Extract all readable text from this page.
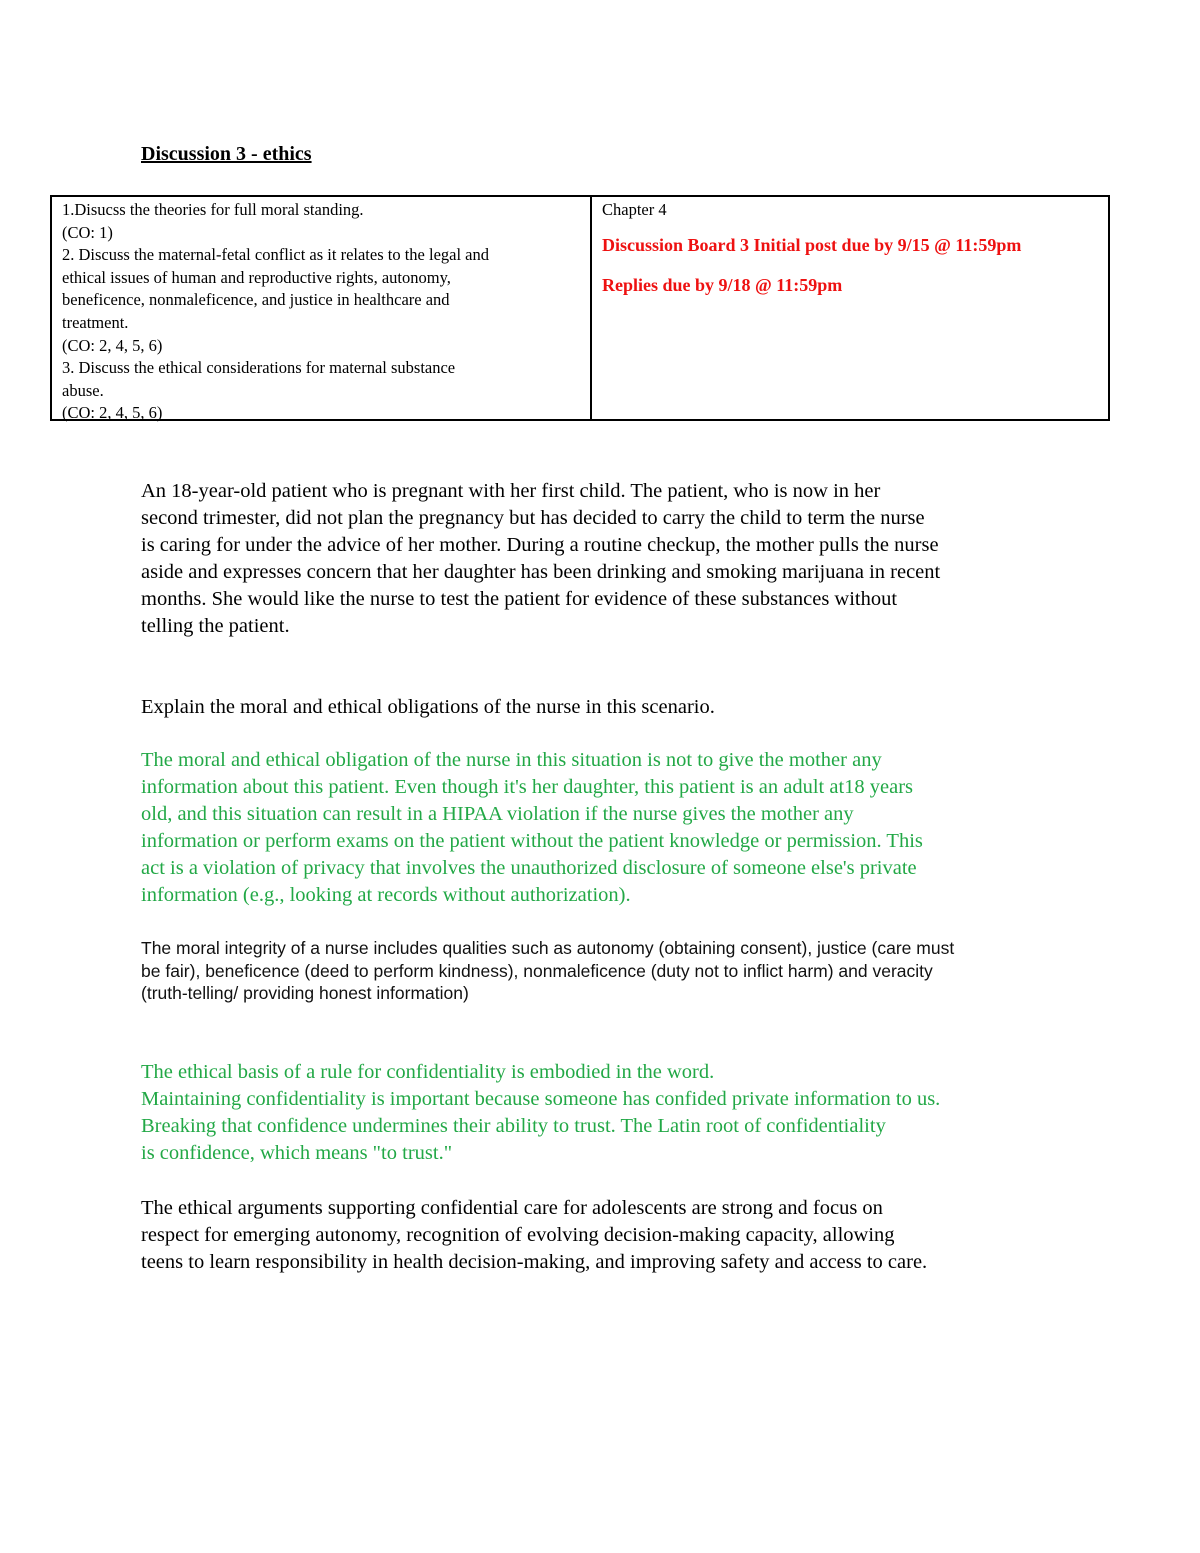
Discussion 3 - ethics
1.Disucss the theories for full moral standing.
(CO: 1)
2. Discuss the maternal-fetal conflict as it relates to the legal and
ethical issues of human and reproductive rights, autonomy,
beneficence, nonmaleficence, and justice in healthcare and
treatment.
(CO: 2, 4, 5, 6)
3. Discuss the ethical considerations for maternal substance
abuse.
(CO: 2, 4, 5, 6)
Chapter 4
Discussion Board 3 Initial post due by 9/15 @ 11:59pm
Replies due by 9/18 @ 11:59pm
An 18-year-old patient who is pregnant with her first child. The patient, who is now in her
second trimester, did not plan the pregnancy but has decided to carry the child to term the nurse
is caring for under the advice of her mother. During a routine checkup, the mother pulls the nurse
aside and expresses concern that her daughter has been drinking and smoking marijuana in recent
months. She would like the nurse to test the patient for evidence of these substances without
telling the patient.
Explain the moral and ethical obligations of the nurse in this scenario.
The moral and ethical obligation of the nurse in this situation is not to give the mother any
information about this patient. Even though it's her daughter, this patient is an adult at18 years
old, and this situation can result in a HIPAA violation if the nurse gives the mother any
information or perform exams on the patient without the patient knowledge or permission. This
act is a violation of privacy that involves the unauthorized disclosure of someone else's private
information (e.g., looking at records without authorization).
The moral integrity of a nurse includes qualities such as autonomy (obtaining consent), justice (care must
be fair), beneficence (deed to perform kindness), nonmaleficence (duty not to inflict harm) and veracity
(truth-telling/ providing honest information)
The ethical basis of a rule for confidentiality is embodied in the word.
Maintaining confidentiality is important because someone has confided private information to us.
Breaking that confidence undermines their ability to trust. The Latin root of confidentiality
is confidence, which means "to trust."
The ethical arguments supporting confidential care for adolescents are strong and focus on
respect for emerging autonomy, recognition of evolving decision-making capacity, allowing
teens to learn responsibility in health decision-making, and improving safety and access to care.
